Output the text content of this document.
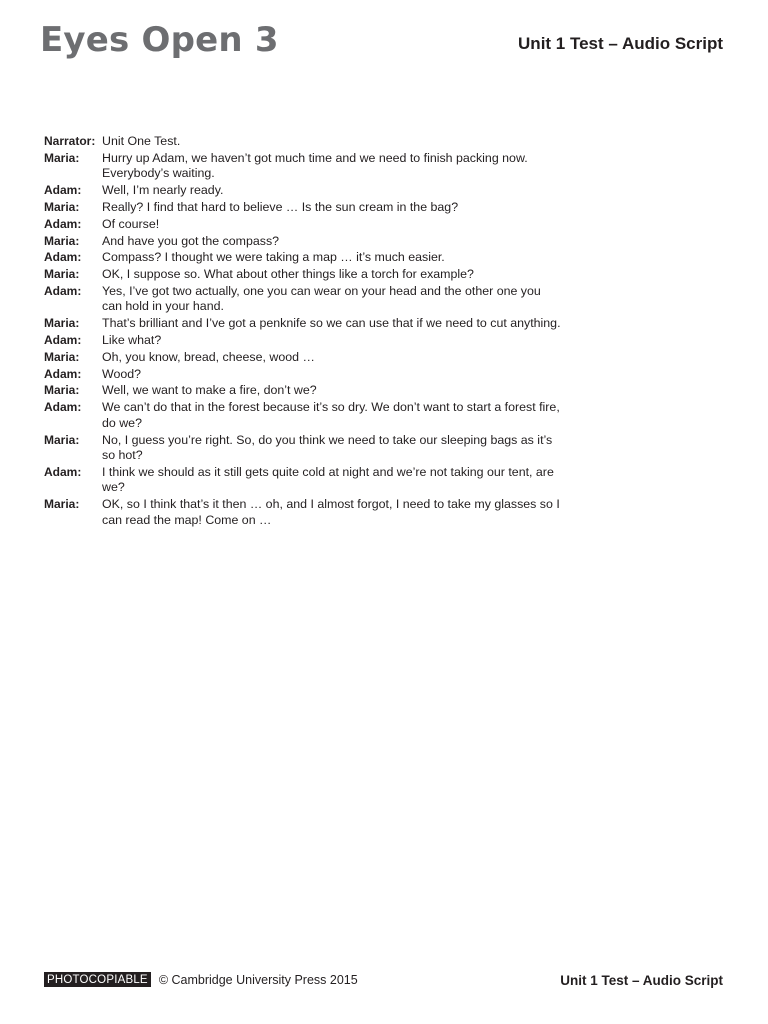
Eyes Open 3	Unit 1 Test – Audio Script
Narrator: Unit One Test.
Maria:	Hurry up Adam, we haven’t got much time and we need to finish packing now. Everybody’s waiting.
Adam:	Well, I’m nearly ready.
Maria:	Really? I find that hard to believe … Is the sun cream in the bag?
Adam:	Of course!
Maria:	And have you got the compass?
Adam:	Compass? I thought we were taking a map … it’s much easier.
Maria:	OK, I suppose so. What about other things like a torch for example?
Adam:	Yes, I’ve got two actually, one you can wear on your head and the other one you can hold in your hand.
Maria:	That’s brilliant and I’ve got a penknife so we can use that if we need to cut anything.
Adam:	Like what?
Maria:	Oh, you know, bread, cheese, wood …
Adam:	Wood?
Maria:	Well, we want to make a fire, don’t we?
Adam:	We can’t do that in the forest because it’s so dry. We don’t want to start a forest fire, do we?
Maria:	No, I guess you’re right. So, do you think we need to take our sleeping bags as it’s so hot?
Adam:	I think we should as it still gets quite cold at night and we’re not taking our tent, are we?
Maria:	OK, so I think that’s it then … oh, and I almost forgot, I need to take my glasses so I can read the map! Come on …
PHOTOCOPIABLE © Cambridge University Press 2015	Unit 1 Test – Audio Script
